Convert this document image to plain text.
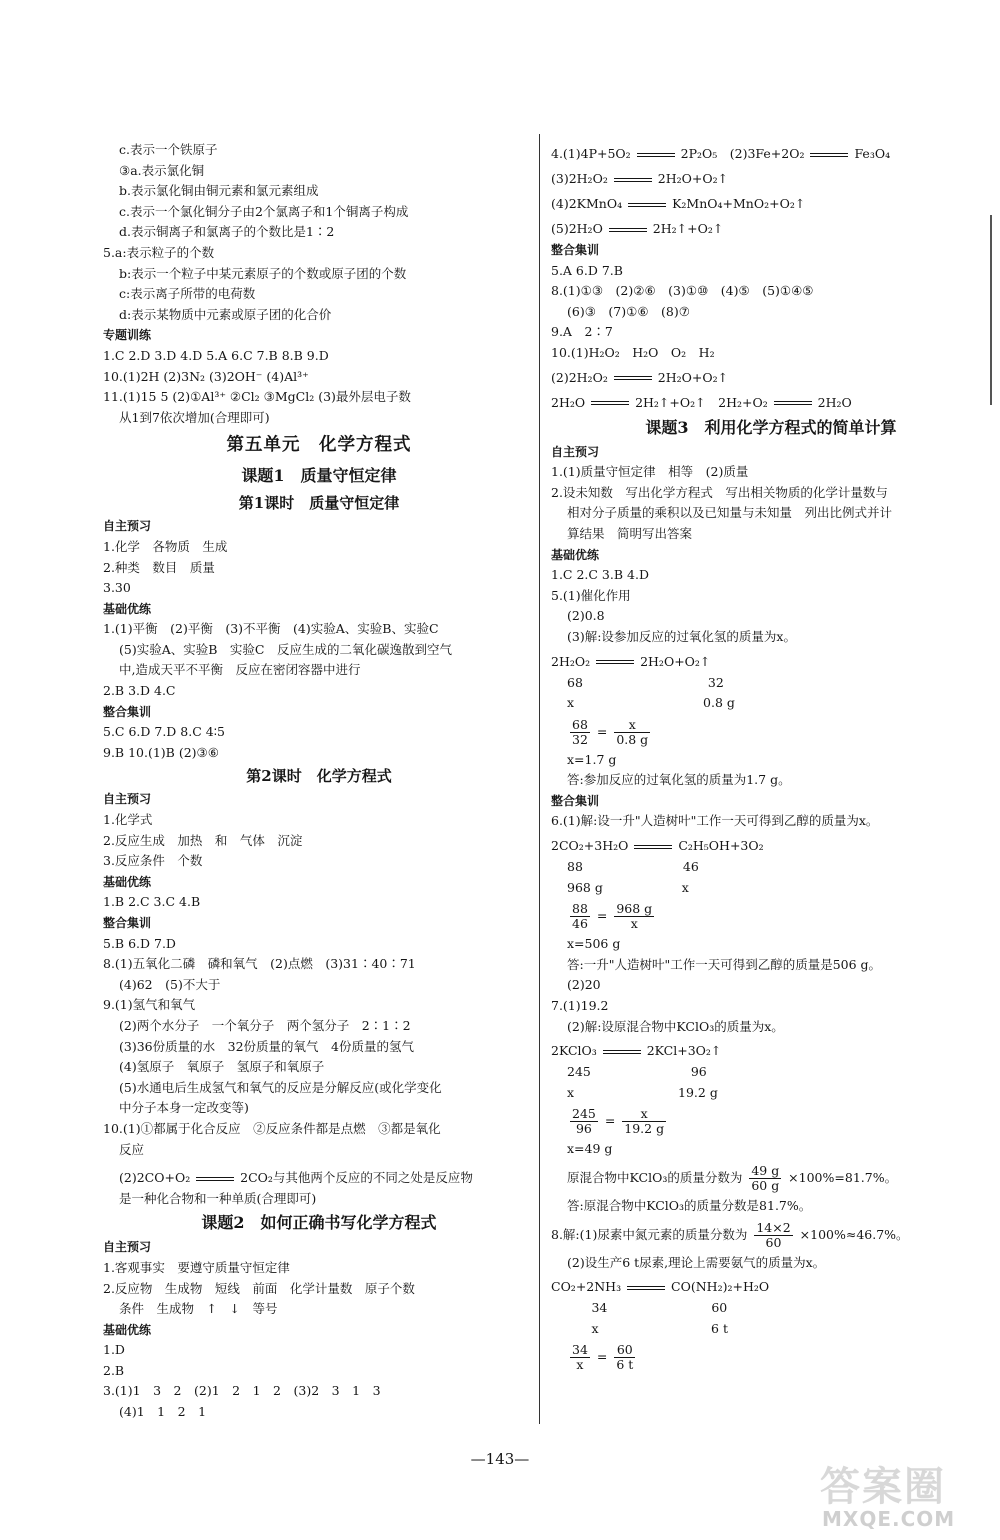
c.表示一个铁原子
③a.表示氯化铜
b.表示氯化铜由铜元素和氯元素组成
c.表示一个氯化铜分子由2个氯离子和1个铜离子构成
d.表示铜离子和氯离子的个数比是1∶2
5.a:表示粒子的个数
b:表示一个粒子中某元素原子的个数或原子团的个数
c:表示离子所带的电荷数
d:表示某物质中元素或原子团的化合价
专题训练
1.C 2.D 3.D 4.D 5.A 6.C 7.B 8.B 9.D
10.(1)2H (2)3N₂ (3)2OH⁻ (4)Al³⁺
11.(1)15 5 (2)①Al³⁺ ②Cl₂ ③MgCl₂ (3)最外层电子数
从1到7依次增加(合理即可)
第五单元　化学方程式
课题1　质量守恒定律
第1课时　质量守恒定律
自主预习
1.化学　各物质　生成
2.种类　数目　质量
3.30
基础优练
1.(1)平衡　(2)平衡　(3)不平衡　(4)实验A、实验B、实验C
(5)实验A、实验B　实验C　反应生成的二氧化碳逸散到空气
中,造成天平不平衡　反应在密闭容器中进行
2.B 3.D 4.C
整合集训
5.C 6.D 7.D 8.C 4∶5
9.B 10.(1)B (2)③⑥
第2课时　化学方程式
自主预习
1.化学式
2.反应生成　加热　和　气体　沉淀
3.反应条件　个数
基础优练
1.B 2.C 3.C 4.B
整合集训
5.B 6.D 7.D
8.(1)五氧化二磷　磷和氧气　(2)点燃　(3)31∶40∶71
(4)62　(5)不大于
9.(1)氢气和氧气
(2)两个水分子　一个氧分子　两个氢分子　2∶1∶2
(3)36份质量的水　32份质量的氧气　4份质量的氢气
(4)氢原子　氧原子　氢原子和氧原子
(5)水通电后生成氢气和氧气的反应是分解反应(或化学变化
中分子本身一定改变等)
10.(1)①都属于化合反应　②反应条件都是点燃　③都是氧化
反应
(2)2CO+O₂	2CO₂与其他两个反应的不同之处是反应物
是一种化合物和一种单质(合理即可)
课题2　如何正确书写化学方程式
自主预习
1.客观事实　要遵守质量守恒定律
2.反应物　生成物　短线　前面　化学计量数　原子个数
条件　生成物　↑　↓　等号
基础优练
1.D
2.B
3.(1)1　3　2　(2)1　2　1　2　(3)2　3　1　3
(4)1　1　2　1
4.(1)4P+5O₂	2P₂O₅　(2)3Fe+2O₂	Fe₃O₄
(3)2H₂O₂	2H₂O+O₂↑
(4)2KMnO₄	K₂MnO₄+MnO₂+O₂↑
(5)2H₂O	2H₂↑+O₂↑
整合集训
5.A 6.D 7.B
8.(1)①③　(2)②⑥　(3)①⑩　(4)⑤　(5)①④⑤
(6)③　(7)①⑥　(8)⑦
9.A　2∶7
10.(1)H₂O₂　H₂O　O₂　H₂
(2)2H₂O₂	2H₂O+O₂↑
2H₂O	2H₂↑+O₂↑　2H₂+O₂	2H₂O
课题3　利用化学方程式的简单计算
自主预习
1.(1)质量守恒定律　相等　(2)质量
2.设未知数　写出化学方程式　写出相关物质的化学计量数与
相对分子质量的乘积以及已知量与未知量　列出比例式并计
算结果　简明写出答案
基础优练
1.C 2.C 3.B 4.D
5.(1)催化作用
(2)0.8
(3)解:设参加反应的过氧化氢的质量为x。
2H₂O₂	2H₂O+O₂↑
68　　　　　　　　　　32
x　　　　　　　　　　 0.8 g
$\frac{68}{32} = \frac{x}{0.8 g}$
x=1.7 g
答:参加反应的过氧化氢的质量为1.7 g。
整合集训
6.(1)解:设一升"人造树叶"工作一天可得到乙醇的质量为x。
2CO₂+3H₂O	C₂H₅OH+3O₂
88　　　　　　　　46
968 g　　　　　　 x
$\frac{88}{46} = \frac{968 g}{x}$
x=506 g
答:一升"人造树叶"工作一天可得到乙醇的质量是506 g。
(2)20
7.(1)19.2
(2)解:设原混合物中KClO₃的质量为x。
2KClO₃	2KCl+3O₂↑
245　　　　　　　　96
x　　　　　　　　 19.2 g
$\frac{245}{96} = \frac{x}{19.2 g}$
x=49 g
原混合物中KClO₃的质量分数为 $\frac{49 g}{60 g} \times 100\%=81.7\%$。
答:原混合物中KClO₃的质量分数是81.7%。
8.解:(1)尿素中氮元素的质量分数为 $\frac{14\times 2}{60} \times 100\%\approx 46.7\%$。
(2)设生产6 t尿素,理论上需要氨气的质量为x。
CO₂+2NH₃	CO(NH₂)₂+H₂O
　 34　　　　　　　　 60
　 x　　　　　　　　　6 t
$\frac{34}{x} = \frac{60}{6 t}$
—143—
答案圈
MXQE.COM
